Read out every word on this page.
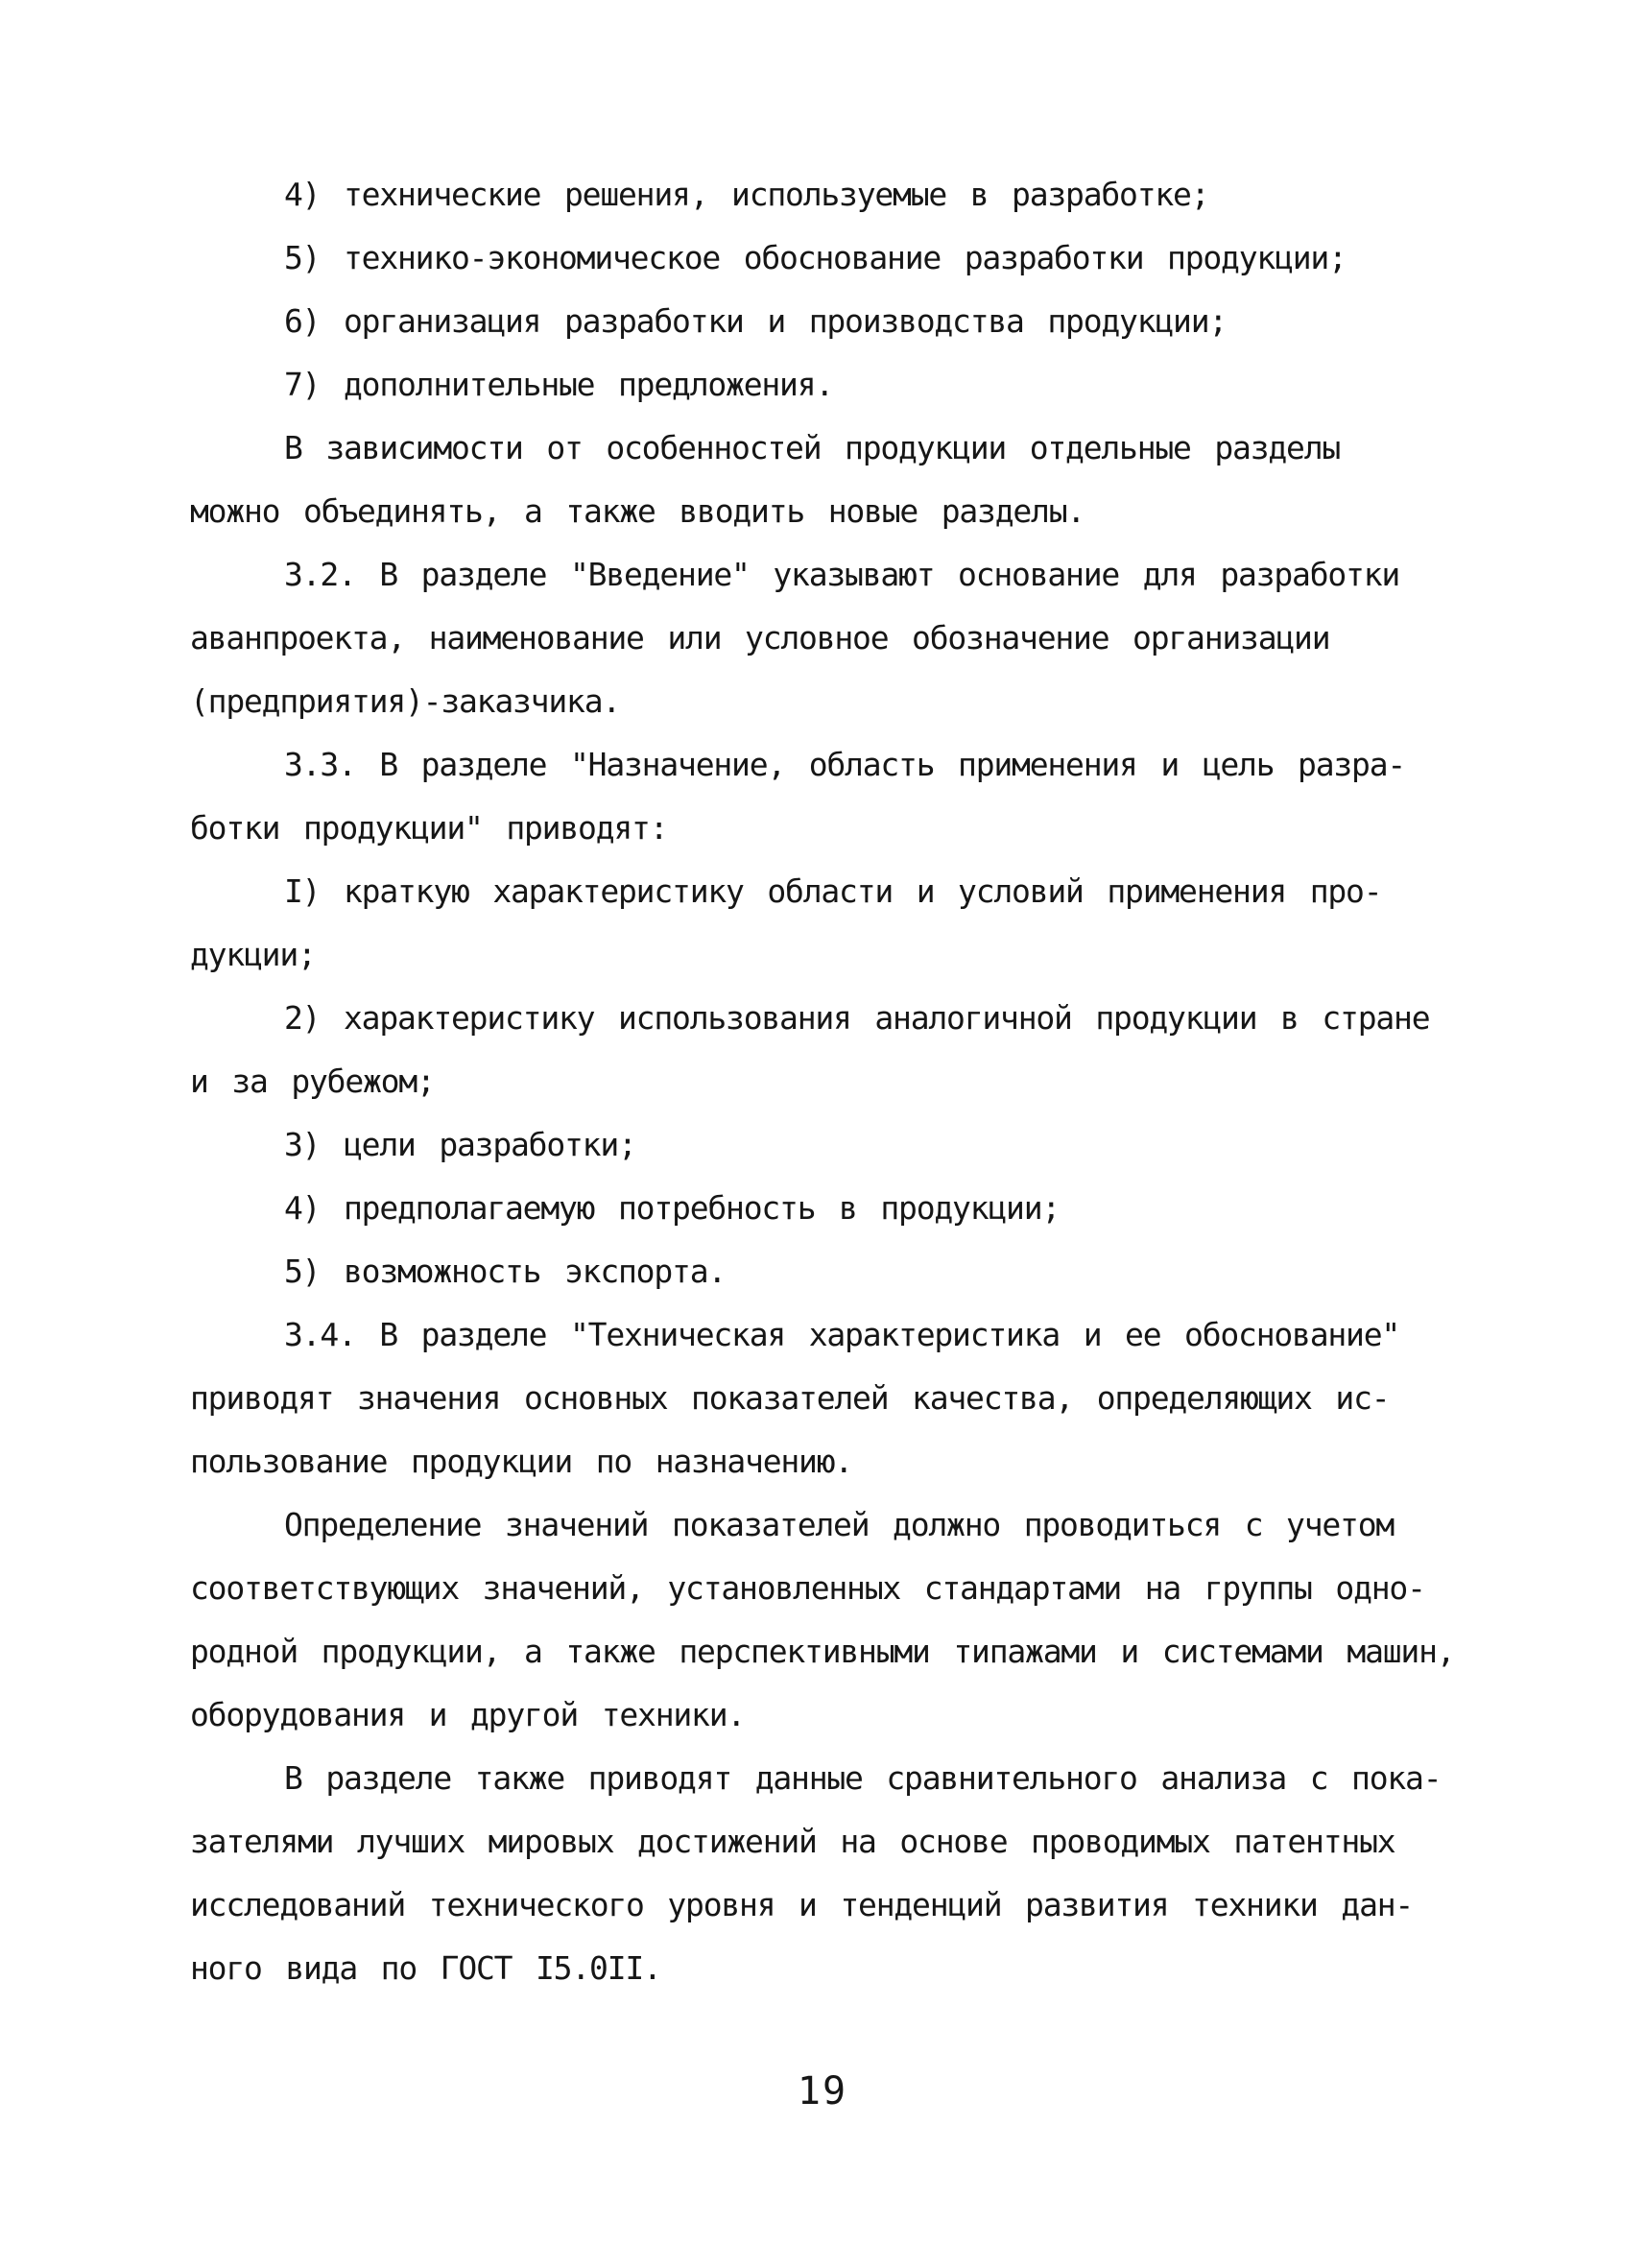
4) технические решения, используемые в разработке;
5) технико-экономическое обоснование разработки продукции;
6) организация разработки и производства продукции;
7) дополнительные предложения.
В зависимости от особенностей продукции отдельные разделы
можно объединять, а также вводить новые разделы.
3.2. В разделе "Введение" указывают основание для разработки
аванпроекта, наименование или условное обозначение организации
(предприятия)-заказчика.
3.3. В разделе "Назначение, область применения и цель разра-
ботки продукции" приводят:
I) краткую характеристику области и условий применения про-
дукции;
2) характеристику использования аналогичной продукции в стране
и за рубежом;
3) цели разработки;
4) предполагаемую потребность в продукции;
5) возможность экспорта.
3.4. В разделе "Техническая характеристика и ее обоснование"
приводят значения основных показателей качества, определяющих ис-
пользование продукции по назначению.
Определение значений показателей должно проводиться с учетом
соответствующих значений, установленных стандартами на группы одно-
родной продукции, а также перспективными типажами и системами машин,
оборудования и другой техники.
В разделе также приводят данные сравнительного анализа с пока-
зателями лучших мировых достижений на основе проводимых патентных
исследований технического уровня и тенденций развития техники дан-
ного вида по ГОСТ I5.0II.
19
